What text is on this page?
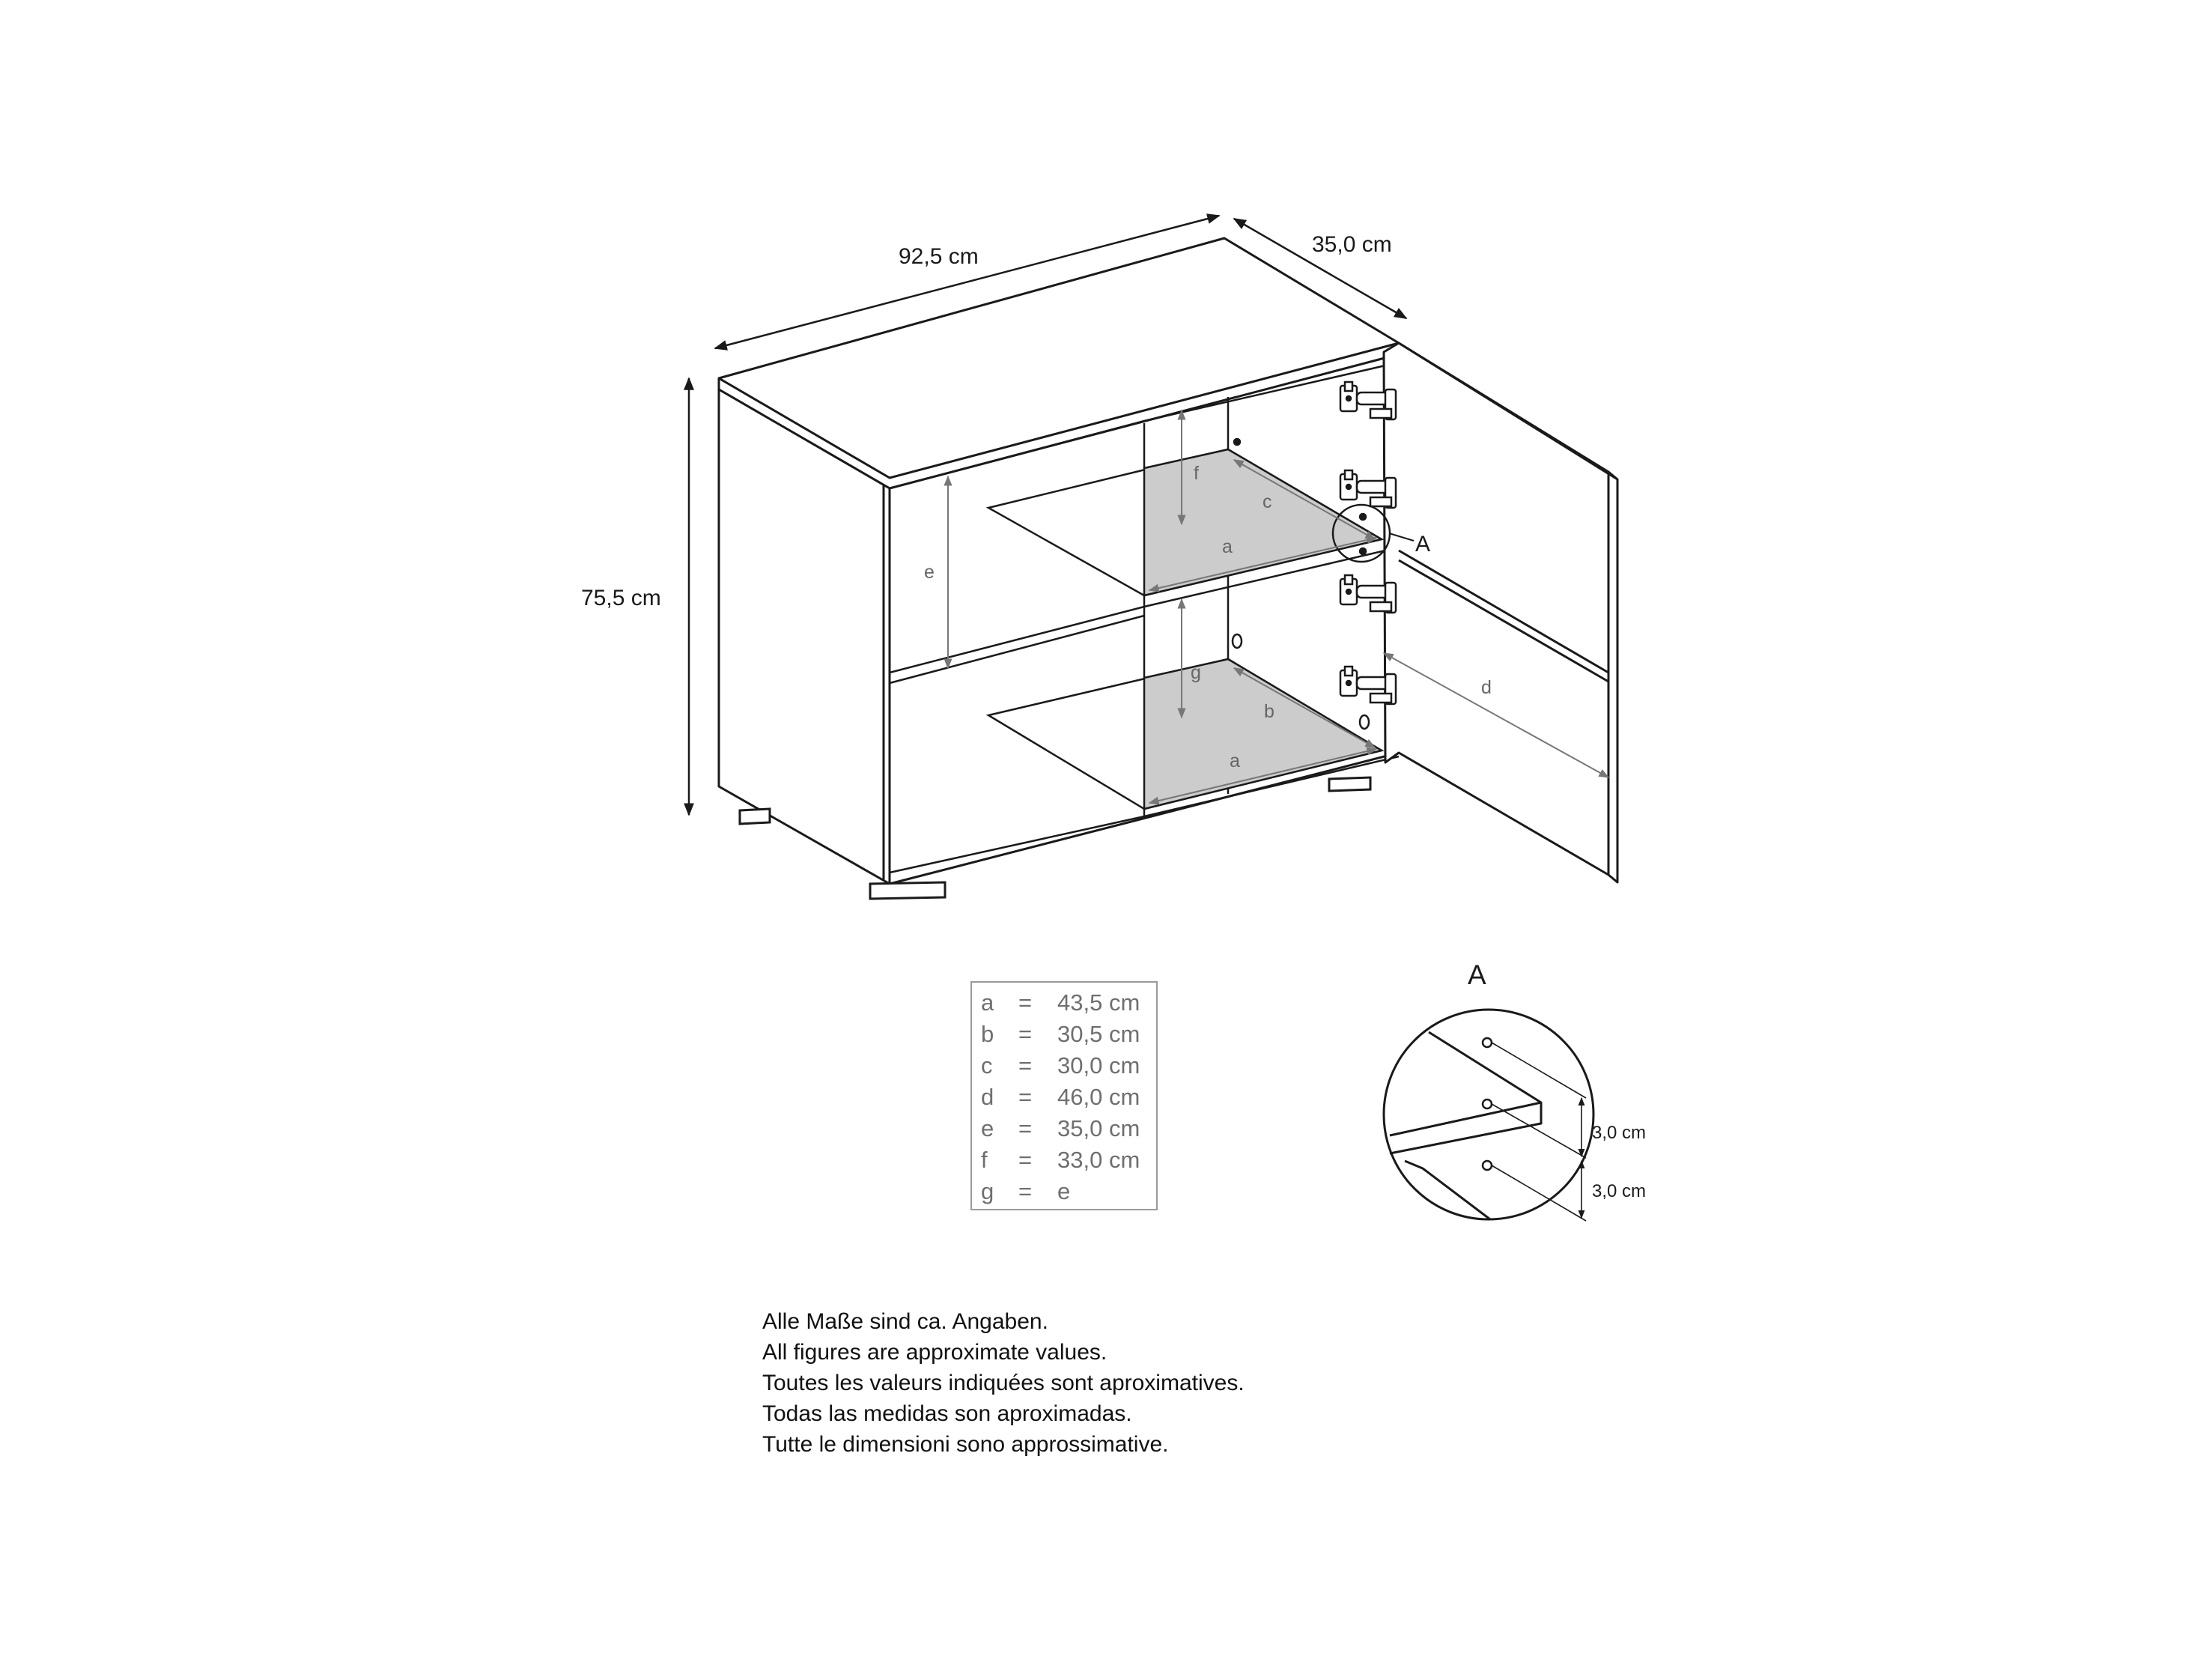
A
92,5 cm	35,0 cm
75,5 cm
e
f
c
a
g
b
a
d
A
3,0 cm
3,0 cm
a	=	43,5 cm
b	=	30,5 cm
c	=	30,0 cm
d	=	46,0 cm
e	=	35,0 cm
f	=	33,0 cm
g	=	e
Alle Maße sind ca. Angaben.
All figures are approximate values.
Toutes les valeurs indiquées sont aproximatives.
Todas las medidas son aproximadas.
Tutte le dimensioni sono approssimative.
